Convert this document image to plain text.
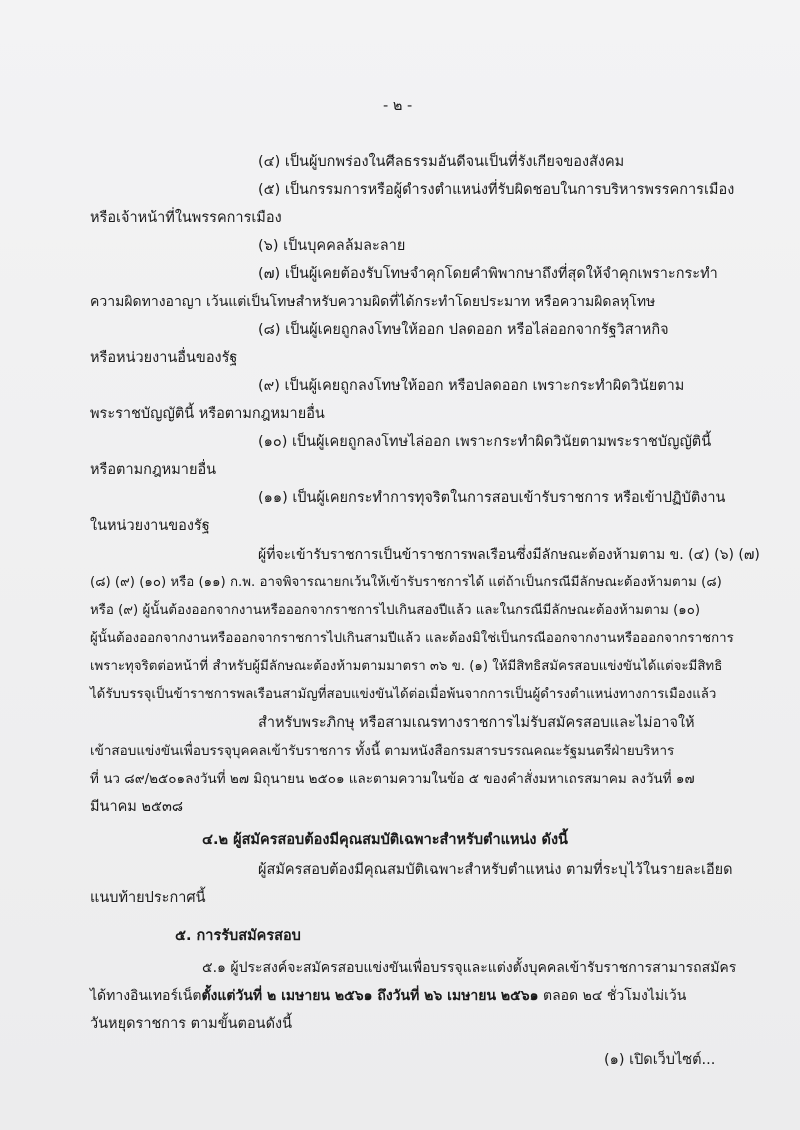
- ๒ -
(๔) เป็นผู้บกพร่องในศีลธรรมอันดีจนเป็นที่รังเกียจของสังคม
(๕) เป็นกรรมการหรือผู้ดำรงตำแหน่งที่รับผิดชอบในการบริหารพรรคการเมือง
หรือเจ้าหน้าที่ในพรรคการเมือง
(๖) เป็นบุคคลล้มละลาย
(๗) เป็นผู้เคยต้องรับโทษจำคุกโดยคำพิพากษาถึงที่สุดให้จำคุกเพราะกระทำ
ความผิดทางอาญา เว้นแต่เป็นโทษสำหรับความผิดที่ได้กระทำโดยประมาท หรือความผิดลหุโทษ
(๘) เป็นผู้เคยถูกลงโทษให้ออก ปลดออก หรือไล่ออกจากรัฐวิสาหกิจ
หรือหน่วยงานอื่นของรัฐ
(๙) เป็นผู้เคยถูกลงโทษให้ออก หรือปลดออก เพราะกระทำผิดวินัยตาม
พระราชบัญญัตินี้ หรือตามกฎหมายอื่น
(๑๐) เป็นผู้เคยถูกลงโทษไล่ออก เพราะกระทำผิดวินัยตามพระราชบัญญัตินี้
หรือตามกฎหมายอื่น
(๑๑) เป็นผู้เคยกระทำการทุจริตในการสอบเข้ารับราชการ หรือเข้าปฏิบัติงาน
ในหน่วยงานของรัฐ
ผู้ที่จะเข้ารับราชการเป็นข้าราชการพลเรือนซึ่งมีลักษณะต้องห้ามตาม ข. (๔) (๖) (๗)
(๘) (๙) (๑๐) หรือ (๑๑) ก.พ. อาจพิจารณายกเว้นให้เข้ารับราชการได้ แต่ถ้าเป็นกรณีมีลักษณะต้องห้ามตาม (๘)
หรือ (๙) ผู้นั้นต้องออกจากงานหรือออกจากราชการไปเกินสองปีแล้ว และในกรณีมีลักษณะต้องห้ามตาม (๑๐)
ผู้นั้นต้องออกจากงานหรือออกจากราชการไปเกินสามปีแล้ว และต้องมิใช่เป็นกรณีออกจากงานหรือออกจากราชการ
เพราะทุจริตต่อหน้าที่ สำหรับผู้มีลักษณะต้องห้ามตามมาตรา ๓๖ ข. (๑) ให้มีสิทธิสมัครสอบแข่งขันได้แต่จะมีสิทธิ
ได้รับบรรจุเป็นข้าราชการพลเรือนสามัญที่สอบแข่งขันได้ต่อเมื่อพ้นจากการเป็นผู้ดำรงตำแหน่งทางการเมืองแล้ว
สำหรับพระภิกษุ หรือสามเณรทางราชการไม่รับสมัครสอบและไม่อาจให้
เข้าสอบแข่งขันเพื่อบรรจุบุคคลเข้ารับราชการ ทั้งนี้ ตามหนังสือกรมสารบรรณคณะรัฐมนตรีฝ่ายบริหาร
ที่ นว ๘๙/๒๕๐๑ลงวันที่ ๒๗ มิถุนายน ๒๕๐๑ และตามความในข้อ ๕ ของคำสั่งมหาเถรสมาคม ลงวันที่ ๑๗
มีนาคม ๒๕๓๘
๔.๒ ผู้สมัครสอบต้องมีคุณสมบัติเฉพาะสำหรับตำแหน่ง ดังนี้
ผู้สมัครสอบต้องมีคุณสมบัติเฉพาะสำหรับตำแหน่ง ตามที่ระบุไว้ในรายละเอียด
แนบท้ายประกาศนี้
๕. การรับสมัครสอบ
๕.๑ ผู้ประสงค์จะสมัครสอบแข่งขันเพื่อบรรจุและแต่งตั้งบุคคลเข้ารับราชการสามารถสมัคร
ได้ทางอินเทอร์เน็ตตั้งแต่วันที่ ๒ เมษายน ๒๕๖๑ ถึงวันที่ ๒๖ เมษายน ๒๕๖๑ ตลอด ๒๔ ชั่วโมงไม่เว้น
วันหยุดราชการ ตามขั้นตอนดังนี้
(๑) เปิดเว็บไซต์...
